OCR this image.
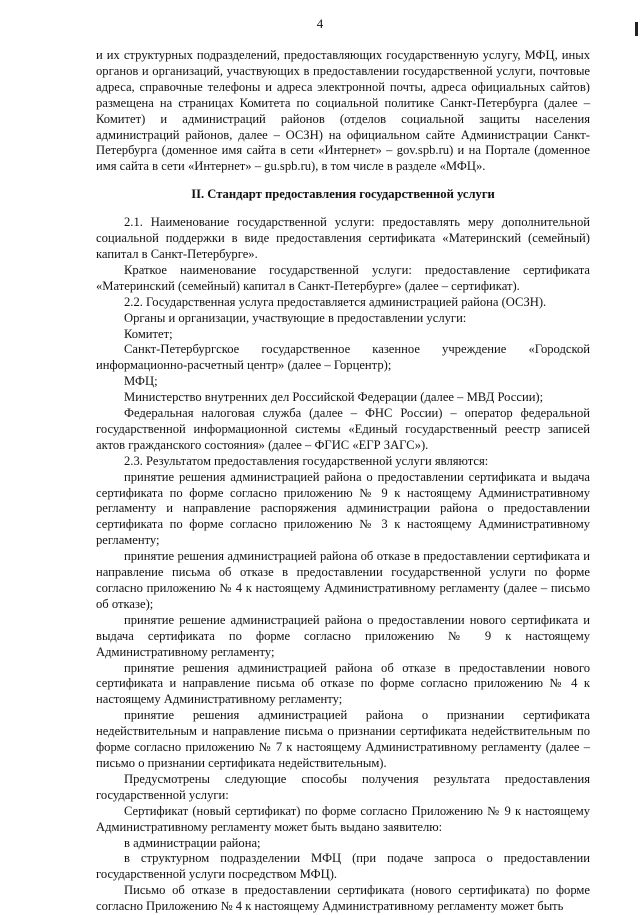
4

и их структурных подразделений, предоставляющих государственную услугу, МФЦ, иных органов и организаций, участвующих в предоставлении государственной услуги, почтовые адреса, справочные телефоны и адреса электронной почты, адреса официальных сайтов) размещена на страницах Комитета по социальной политике Санкт-Петербурга (далее – Комитет) и администраций районов (отделов социальной защиты населения администраций районов, далее – ОСЗН) на официальном сайте Администрации Санкт-Петербурга (доменное имя сайта в сети «Интернет» – gov.spb.ru) и на Портале (доменное имя сайта в сети «Интернет» – gu.spb.ru), в том числе в разделе «МФЦ».

II. Стандарт предоставления государственной услуги

2.1. Наименование государственной услуги: предоставлять меру дополнительной социальной поддержки в виде предоставления сертификата «Материнский (семейный) капитал в Санкт-Петербурге».

Краткое наименование государственной услуги: предоставление сертификата «Материнский (семейный) капитал в Санкт-Петербурге» (далее – сертификат).

2.2. Государственная услуга предоставляется администрацией района (ОСЗН).

Органы и организации, участвующие в предоставлении услуги:

Комитет;

Санкт-Петербургское государственное казенное учреждение «Городской информационно-расчетный центр» (далее – Горцентр);

МФЦ;

Министерство внутренних дел Российской Федерации (далее – МВД России);

Федеральная налоговая служба (далее – ФНС России) – оператор федеральной государственной информационной системы «Единый государственный реестр записей актов гражданского состояния» (далее – ФГИС «ЕГР ЗАГС»).

2.3. Результатом предоставления государственной услуги являются:

принятие решения администрацией района о предоставлении сертификата и выдача сертификата по форме согласно приложению № 9 к настоящему Административному регламенту и направление распоряжения администрации района о предоставлении сертификата по форме согласно приложению № 3 к настоящему Административному регламенту;

принятие решения администрацией района об отказе в предоставлении сертификата и направление письма об отказе в предоставлении государственной услуги по форме согласно приложению № 4 к настоящему Административному регламенту (далее – письмо об отказе);

принятие решение администрацией района о предоставлении нового сертификата и выдача сертификата по форме согласно приложению № 9 к настоящему Административному регламенту;

принятие решения администрацией района об отказе в предоставлении нового сертификата и направление письма об отказе по форме согласно приложению № 4 к настоящему Административному регламенту;

принятие решения администрацией района о признании сертификата недействительным и направление письма о признании сертификата недействительным по форме согласно приложению № 7 к настоящему Административному регламенту (далее – письмо о признании сертификата недействительным).

Предусмотрены следующие способы получения результата предоставления государственной услуги:

Сертификат (новый сертификат) по форме согласно Приложению № 9 к настоящему Административному регламенту может быть выдано заявителю:

в администрации района;

в структурном подразделении МФЦ (при подаче запроса о предоставлении государственной услуги посредством МФЦ).

Письмо об отказе в предоставлении сертификата (нового сертификата) по форме согласно Приложению № 4 к настоящему Административному регламенту может быть
